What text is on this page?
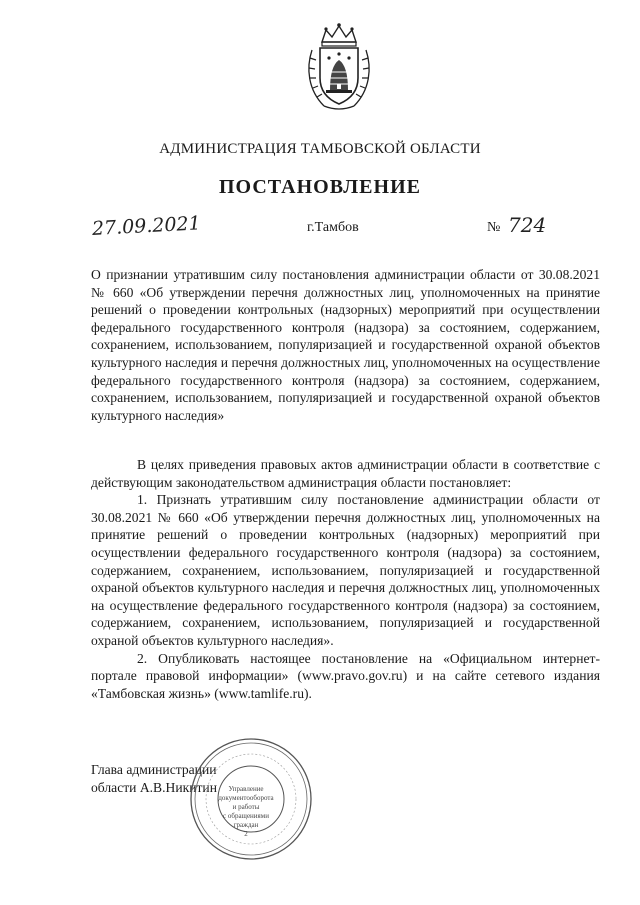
АДМИНИСТРАЦИЯ ТАМБОВСКОЙ ОБЛАСТИ
ПОСТАНОВЛЕНИЕ
27.09.2021	г.Тамбов	№ 724
О признании утратившим силу постановления администрации области от 30.08.2021 № 660 «Об утверждении перечня должностных лиц, уполномоченных на принятие решений о проведении контрольных (надзорных) мероприятий при осуществлении федерального государственного контроля (надзора) за состоянием, содержанием, сохранением, использованием, популяризацией и государственной охраной объектов культурного наследия и перечня должностных лиц, уполномоченных на осуществление федерального государственного контроля (надзора) за состоянием, содержанием, сохранением, использованием, популяризацией и государственной охраной объектов культурного наследия»

В целях приведения правовых актов администрации области в соответствие с действующим законодательством администрация области постановляет:

1. Признать утратившим силу постановление администрации области от 30.08.2021 № 660 «Об утверждении перечня должностных лиц, уполномоченных на принятие решений о проведении контрольных (надзорных) мероприятий при осуществлении федерального государственного контроля (надзора) за состоянием, содержанием, сохранением, использованием, популяризацией и государственной охраной объектов культурного наследия и перечня должностных лиц, уполномоченных на осуществление федерального государственного контроля (надзора) за состоянием, содержанием, сохранением, использованием, популяризацией и государственной охраной объектов культурного наследия».

2. Опубликовать настоящее постановление на «Официальном интернет-портале правовой информации» (www.pravo.gov.ru) и на сайте сетевого издания «Тамбовская жизнь» (www.tamlife.ru).

Глава администрации
области А.В.Никитин	Управление
документооборота
и работы
с обращениями
граждан
2
